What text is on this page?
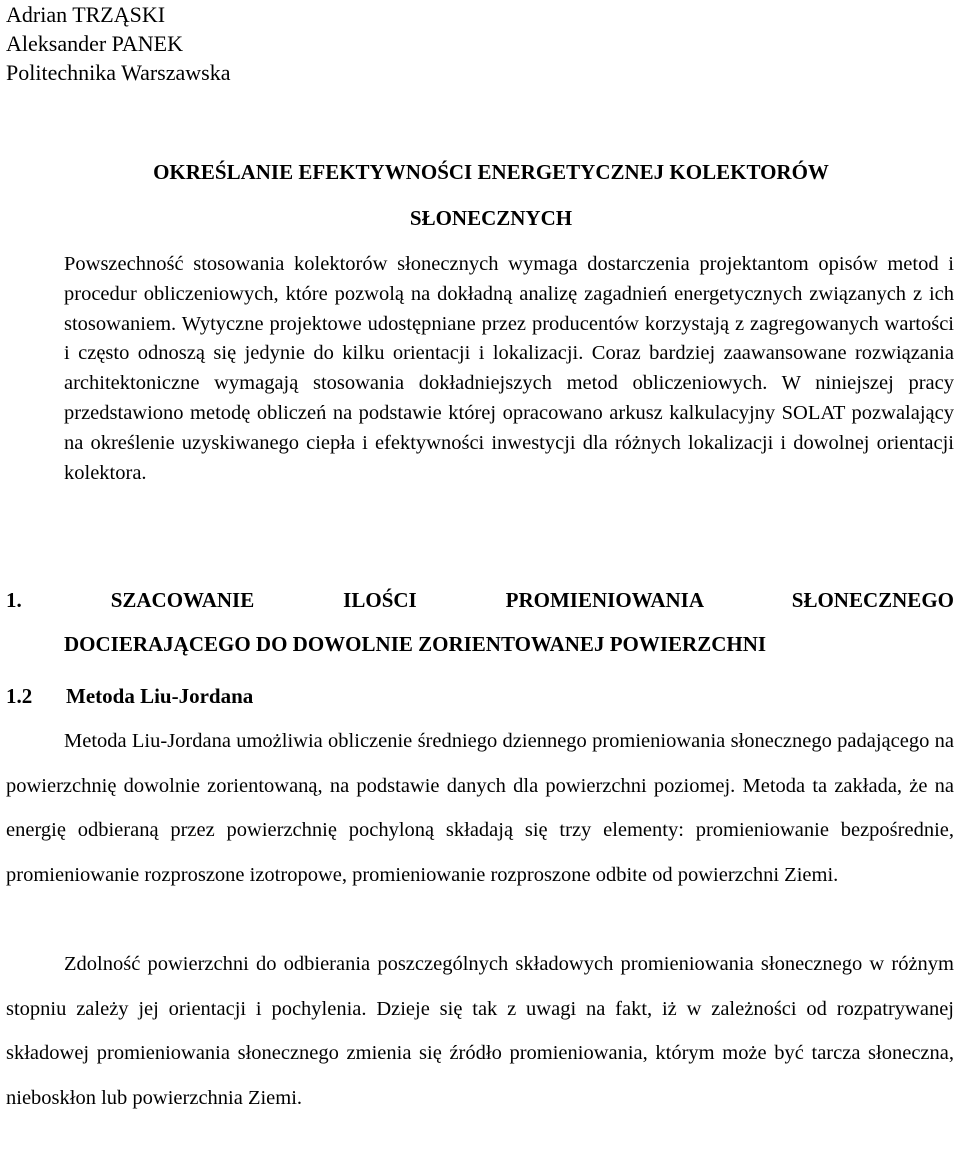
Adrian TRZĄSKI
Aleksander PANEK
Politechnika Warszawska
OKREŚLANIE EFEKTYWNOŚCI ENERGETYCZNEJ KOLEKTORÓW
SŁONECZNYCH
Powszechność stosowania kolektorów słonecznych wymaga dostarczenia projektantom opisów metod i procedur obliczeniowych, które pozwolą na dokładną analizę zagadnień energetycznych związanych z ich stosowaniem. Wytyczne projektowe udostępniane przez producentów korzystają z zagregowanych wartości i często odnoszą się jedynie do kilku orientacji i lokalizacji. Coraz bardziej zaawansowane rozwiązania architektoniczne wymagają stosowania dokładniejszych metod obliczeniowych. W niniejszej pracy przedstawiono metodę obliczeń na podstawie której opracowano arkusz kalkulacyjny SOLAT pozwalający na określenie uzyskiwanego ciepła i efektywności inwestycji dla różnych lokalizacji i dowolnej orientacji kolektora.
1. SZACOWANIE ILOŚCI PROMIENIOWANIA SŁONECZNEGO
DOCIERAJĄCEGO DO DOWOLNIE ZORIENTOWANEJ POWIERZCHNI
1.2 Metoda Liu-Jordana
Metoda Liu-Jordana umożliwia obliczenie średniego dziennego promieniowania słonecznego padającego na powierzchnię dowolnie zorientowaną, na podstawie danych dla powierzchni poziomej. Metoda ta zakłada, że na energię odbieraną przez powierzchnię pochyloną składają się trzy elementy: promieniowanie bezpośrednie, promieniowanie rozproszone izotropowe, promieniowanie rozproszone odbite od powierzchni Ziemi.
Zdolność powierzchni do odbierania poszczególnych składowych promieniowania słonecznego w różnym stopniu zależy jej orientacji i pochylenia. Dzieje się tak z uwagi na fakt, iż w zależności od rozpatrywanej składowej promieniowania słonecznego zmienia się źródło promieniowania, którym może być tarcza słoneczna, nieboskłon lub powierzchnia Ziemi.
